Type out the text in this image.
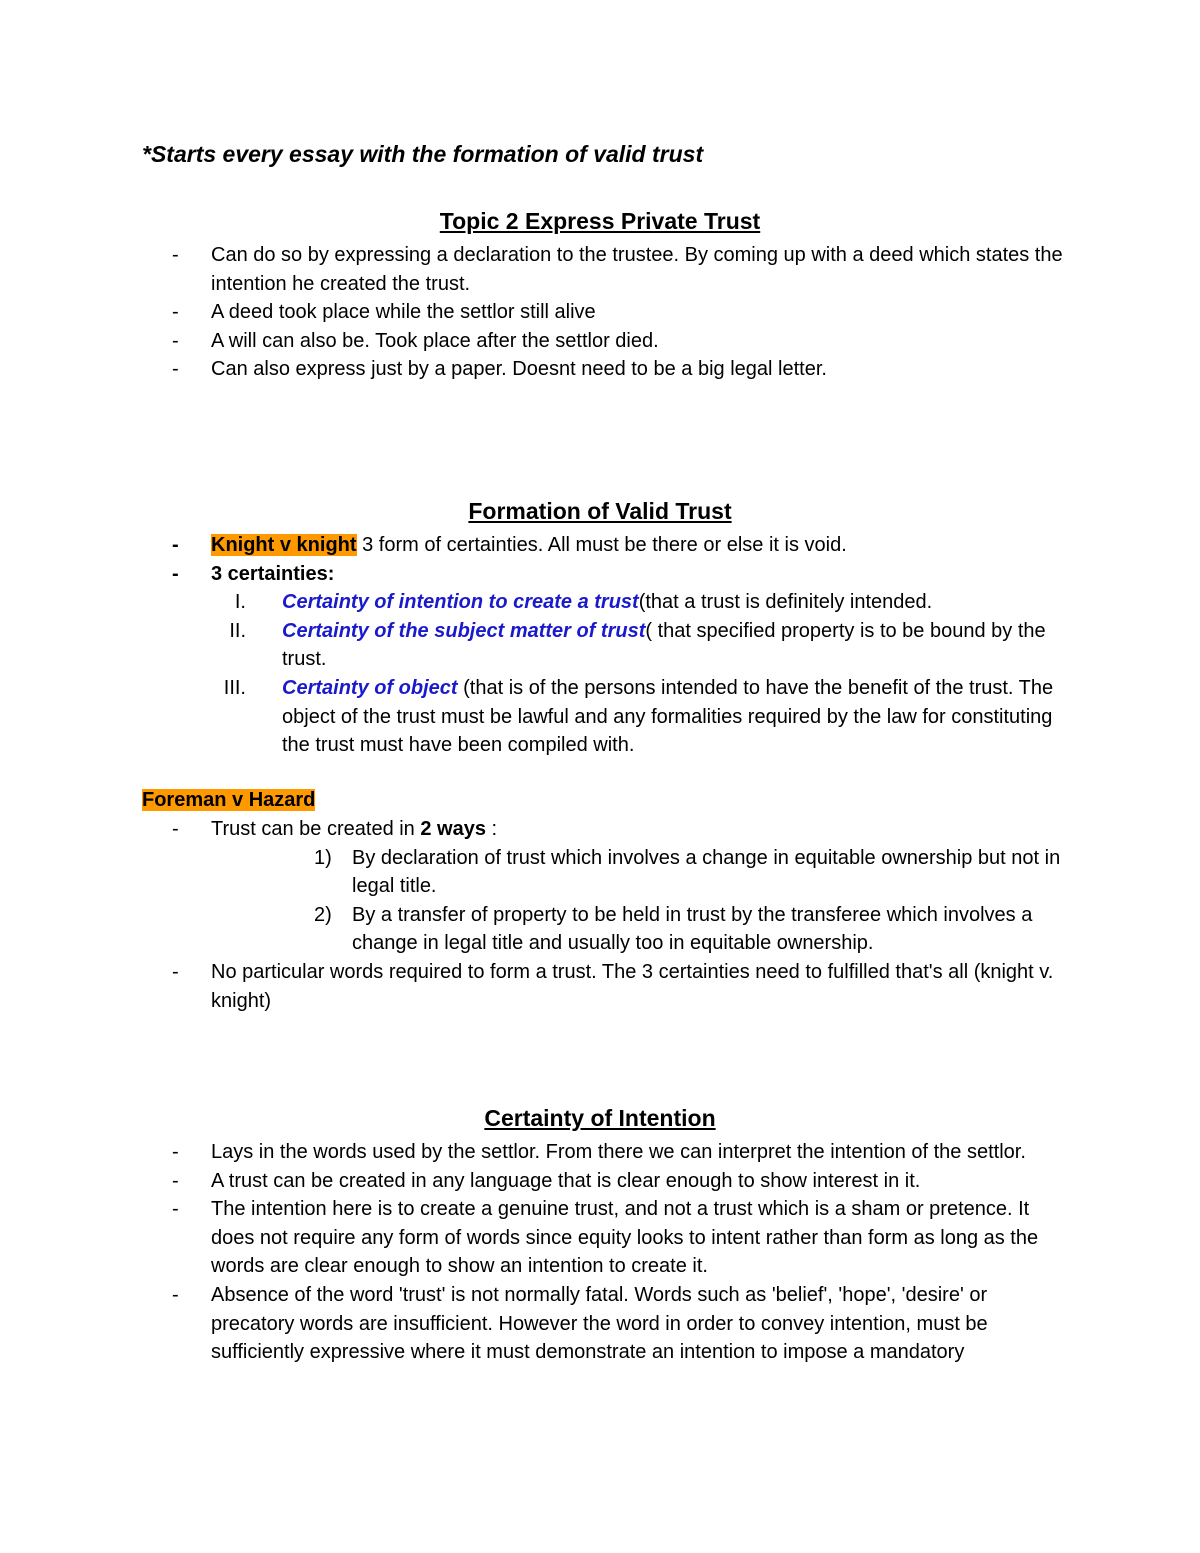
*Starts every essay with the formation of valid trust
Topic 2 Express Private Trust
- Can do so by expressing a declaration to the trustee. By coming up with a deed which states the intention he created the trust.
- A deed took place while the settlor still alive
- A will can also be. Took place after the settlor died.
- Can also express just by a paper. Doesnt need to be a big legal letter.
Formation of Valid Trust
- Knight v knight 3 form of certainties. All must be there or else it is void.
- 3 certainties:
I. Certainty of intention to create a trust(that a trust is definitely intended.
II. Certainty of the subject matter of trust( that specified property is to be bound by the trust.
III. Certainty of object (that is of the persons intended to have the benefit of the trust. The object of the trust must be lawful and any formalities required by the law for constituting the trust must have been compiled with.
Foreman v Hazard
- Trust can be created in 2 ways :
1) By declaration of trust which involves a change in equitable ownership but not in legal title.
2) By a transfer of property to be held in trust by the transferee which involves a change in legal title and usually too in equitable ownership.
- No particular words required to form a trust. The 3 certainties need to fulfilled that's all (knight v. knight)
Certainty of Intention
- Lays in the words used by the settlor. From there we can interpret the intention of the settlor.
- A trust can be created in any language that is clear enough to show interest in it.
- The intention here is to create a genuine trust, and not a trust which is a sham or pretence. It does not require any form of words since equity looks to intent rather than form as long as the words are clear enough to show an intention to create it.
- Absence of the word 'trust' is not normally fatal. Words such as 'belief', 'hope', 'desire' or precatory words are insufficient. However the word in order to convey intention, must be sufficiently expressive where it must demonstrate an intention to impose a mandatory
